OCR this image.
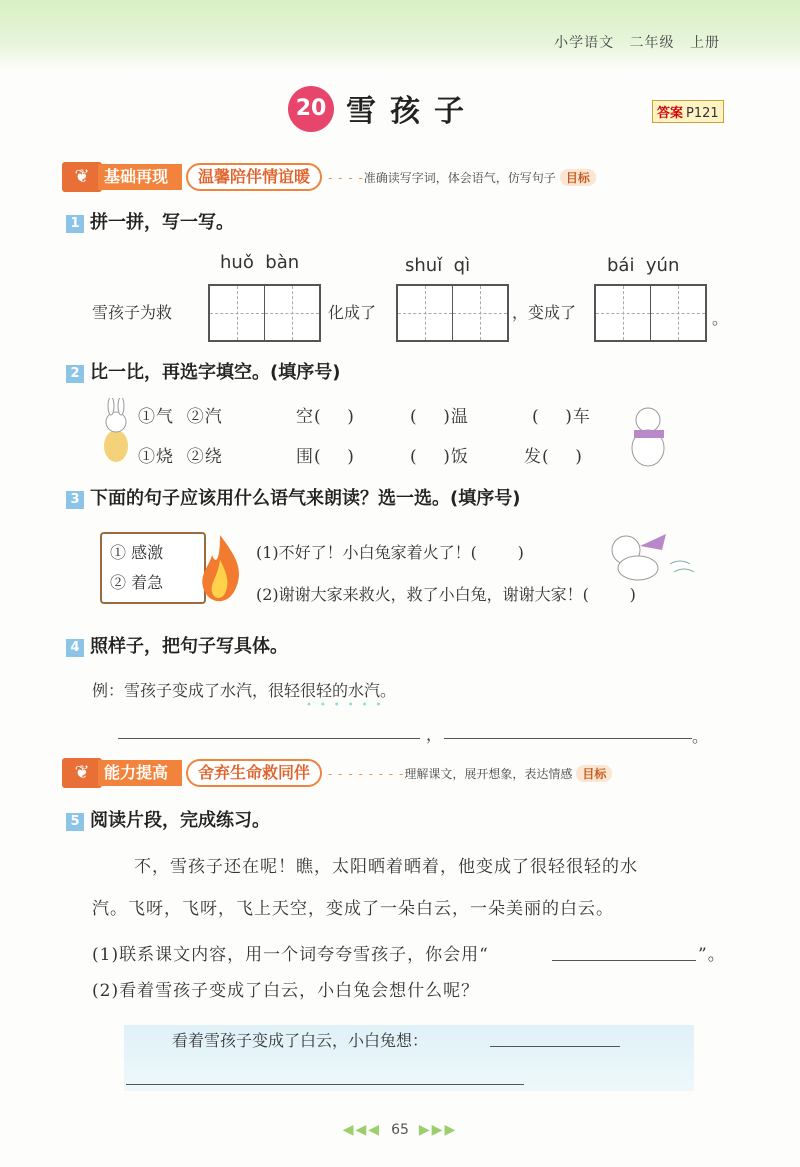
小学语文 二年级 上册
20 雪孩子	答案 P121
❦ 基础再现 温馨陪伴情谊暖 - - - -准确读写字词，体会语气，仿写句子 目标
1 拼一拼，写一写。
huǒ  bàn	shuǐ  qì	bái  yún
雪孩子为救	化成了	，变成了	。
2 比一比，再选字填空。(填序号)
①气  ②汽	空(    )	(    )温	(    )车
①烧  ②绕	围(    )	(    )饭	发(    )
3 下面的句子应该用什么语气来朗读？选一选。(填序号)
① 感激
② 着急
(1)不好了！小白兔家着火了！(        )
(2)谢谢大家来救火，救了小白兔，谢谢大家！(        )
4 照样子，把句子写具体。
例：雪孩子变成了水汽，很轻很轻的水汽。
••••••
，	。
❦ 能力提高 舍弃生命救同伴 - - - - - - - -理解课文，展开想象，表达情感 目标
5 阅读片段，完成练习。
不，雪孩子还在呢！瞧，太阳晒着晒着，他变成了很轻很轻的水
汽。飞呀，飞呀，飞上天空，变成了一朵白云，一朵美丽的白云。
(1)联系课文内容，用一个词夸夸雪孩子，你会用“	”。
(2)看着雪孩子变成了白云，小白兔会想什么呢？
看着雪孩子变成了白云，小白兔想：
◀◀◀ 65 ▶▶▶
